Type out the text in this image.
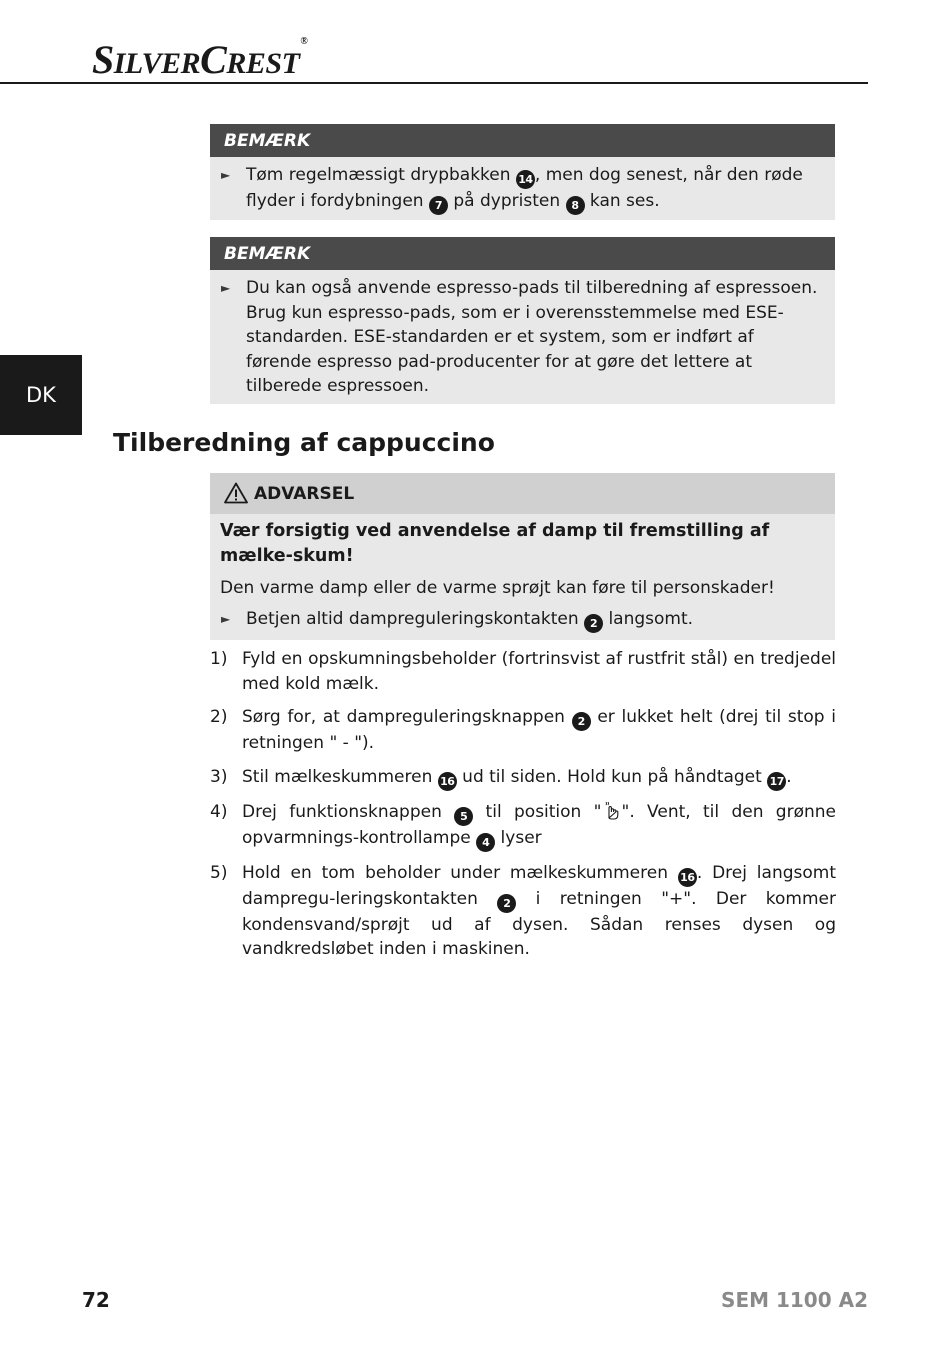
SILVERCREST®
DK
BEMÆRK
► Tøm regelmæssigt drypbakken 14 , men dog senest, når den røde flyder i fordybningen 7 på dypristen 8 kan ses.
BEMÆRK
► Du kan også anvende espresso-pads til tilberedning af espressoen. Brug kun espresso-pads, som er i overensstemmelse med ESE-standarden. ESE-standarden er et system, som er indført af førende espresso pad-producenter for at gøre det lettere at tilberede espressoen.
Tilberedning af cappuccino
ADVARSEL
Vær forsigtig ved anvendelse af damp til fremstilling af mælke-skum!
Den varme damp eller de varme sprøjt kan føre til personskader!
► Betjen altid dampreguleringskontakten 2 langsomt.
1) Fyld en opskumningsbeholder (fortrinsvist af rustfrit stål) en tredjedel med kold mælk.
2) Sørg for, at dampreguleringsknappen 2 er lukket helt (drej til stop i retningen " - ").
3) Stil mælkeskummeren 16 ud til siden. Hold kun på håndtaget 17 .
4) Drej funktionsknappen 5 til position " ". Vent, til den grønne opvarmnings-kontrollampe 4 lyser
5) Hold en tom beholder under mælkeskummeren 16 . Drej langsomt dampregu-leringskontakten 2 i retningen "+". Der kommer kondensvand/sprøjt ud af dysen. Sådan renses dysen og vandkredsløbet inden i maskinen.
72	SEM 1100 A2
